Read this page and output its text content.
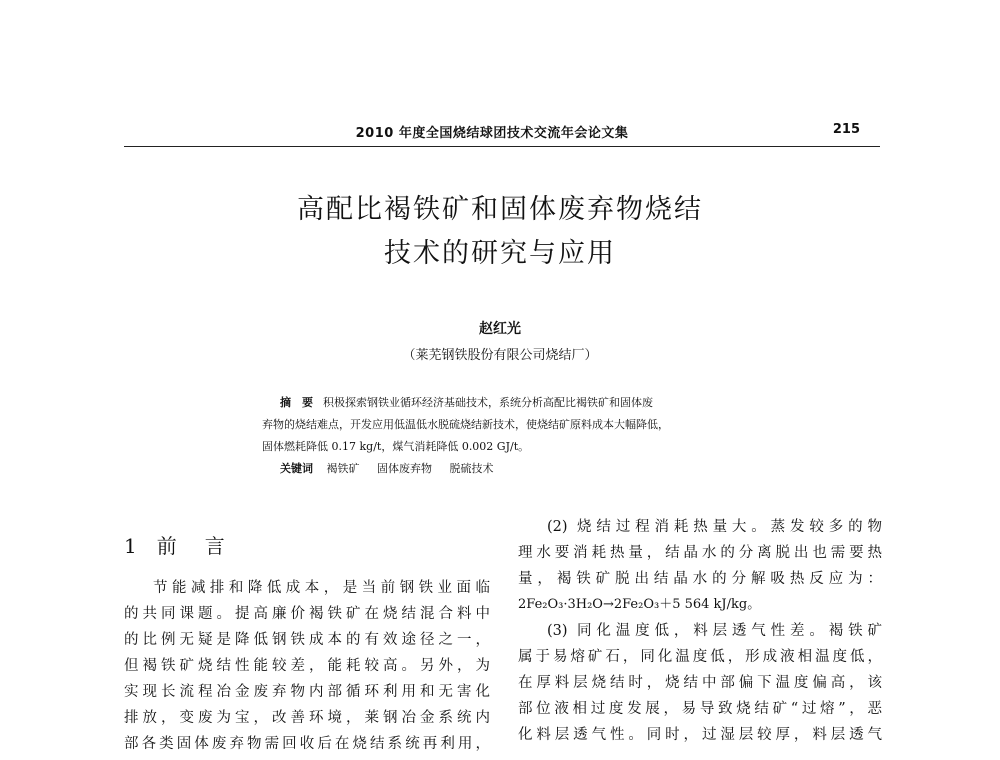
2010 年度全国烧结球团技术交流年会论文集	215
高配比褐铁矿和固体废弃物烧结
技术的研究与应用
赵红光
（莱芜钢铁股份有限公司烧结厂）
摘　要 积极探索钢铁业循环经济基础技术，系统分析高配比褐铁矿和固体废
弃物的烧结难点，开发应用低温低水脱硫烧结新技术，使烧结矿原料成本大幅降低，
固体燃耗降低 0.17 kg/t，煤气消耗降低 0.002 GJ/t。
关键词 褐铁矿 固体废弃物 脱硫技术
1 前 言
节能减排和降低成本，是当前钢铁业面临
的共同课题。提高廉价褐铁矿在烧结混合料中
的比例无疑是降低钢铁成本的有效途径之一，
但褐铁矿烧结性能较差，能耗较高。另外，为
实现长流程冶金废弃物内部循环利用和无害化
排放，变废为宝，改善环境，莱钢冶金系统内
部各类固体废弃物需回收后在烧结系统再利用，
(2) 烧结过程消耗热量大。蒸发较多的物
理水要消耗热量，结晶水的分离脱出也需要热
量，褐铁矿脱出结晶水的分解吸热反应为：
2Fe₂O₃·3H₂O→2Fe₂O₃＋5 564 kJ/kg。
(3) 同化温度低，料层透气性差。褐铁矿
属于易熔矿石，同化温度低，形成液相温度低，
在厚料层烧结时，烧结中部偏下温度偏高，该
部位液相过度发展，易导致烧结矿“过熔”，恶
化料层透气性。同时，过湿层较厚，料层透气
